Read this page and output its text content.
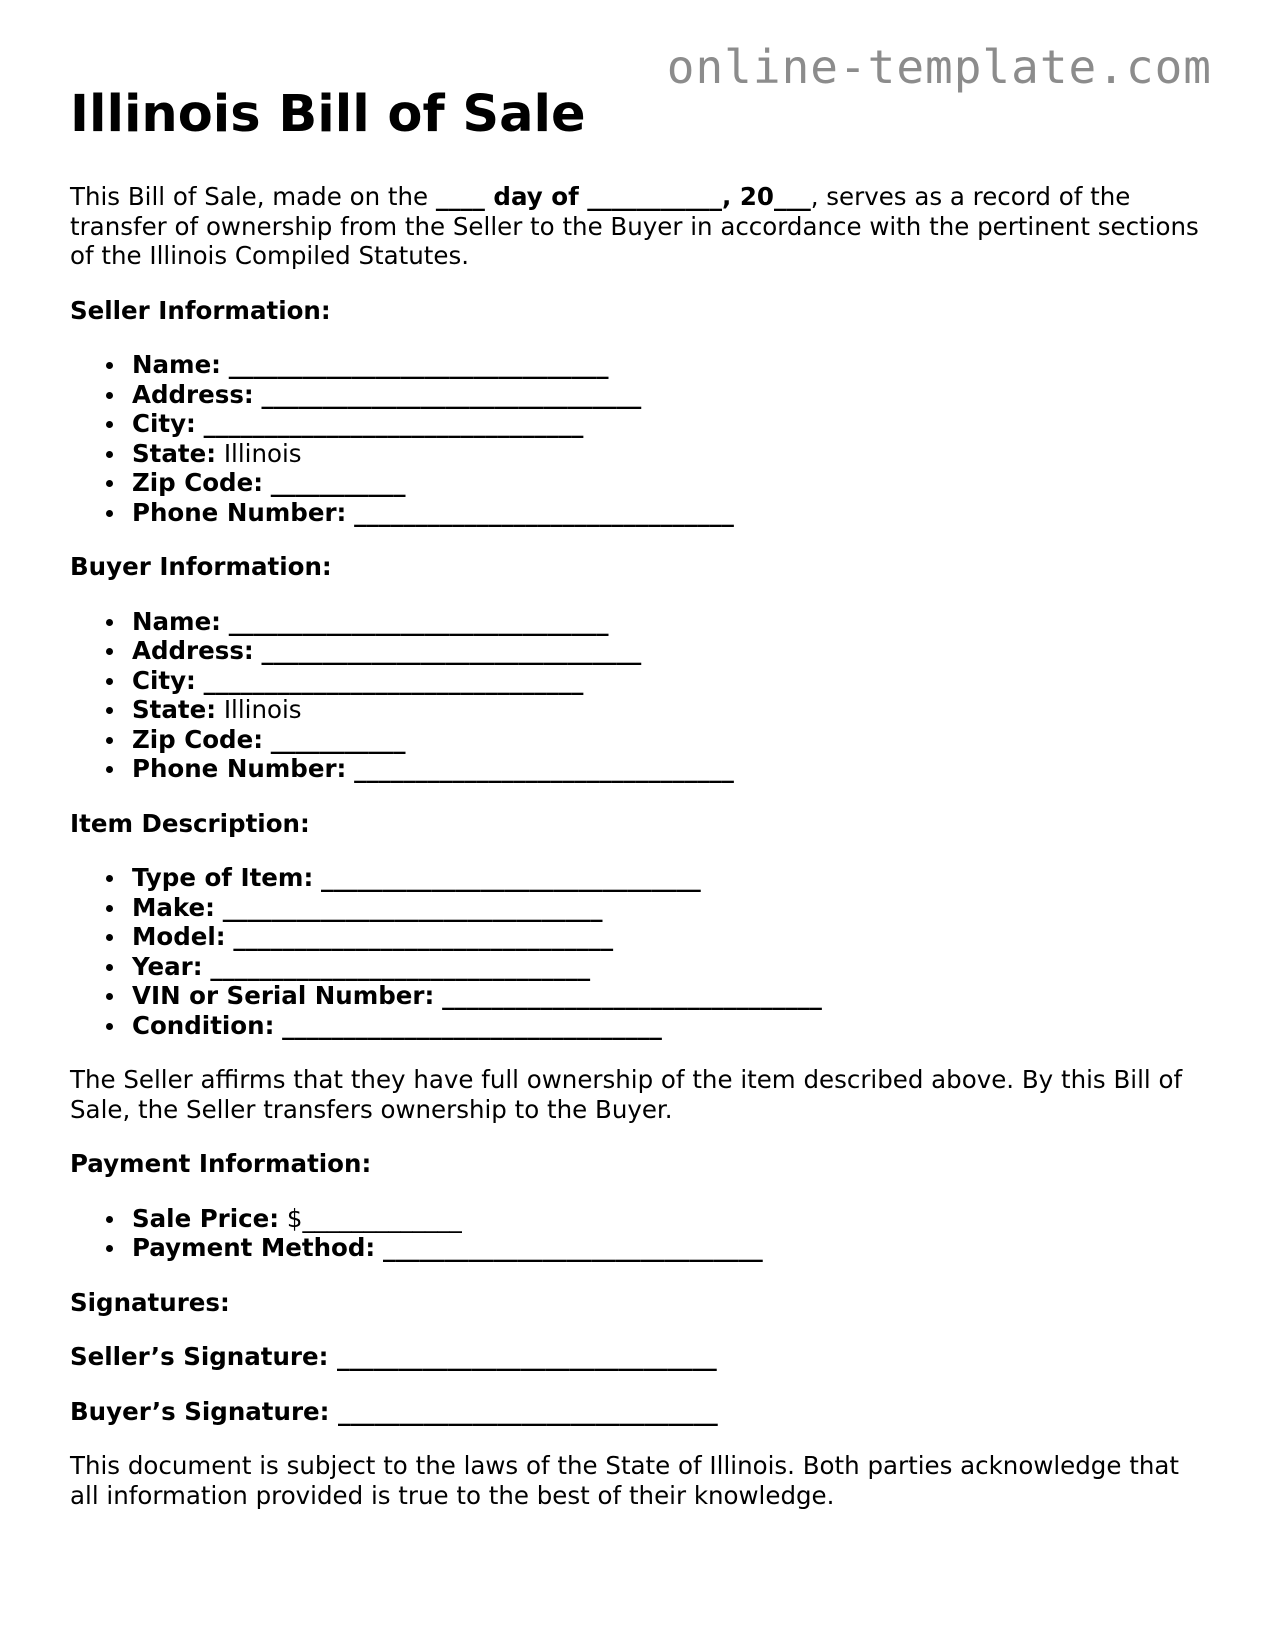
online-template.com
Illinois Bill of Sale

This Bill of Sale, made on the ____ day of ___________, 20___, serves as a record of the transfer of ownership from the Seller to the Buyer in accordance with the pertinent sections of the Illinois Compiled Statutes.

Seller Information:
Name: _______________________________
Address: _______________________________
City: _______________________________
State: Illinois
Zip Code: ___________
Phone Number: _______________________________
Buyer Information:
Name: _______________________________
Address: _______________________________
City: _______________________________
State: Illinois
Zip Code: ___________
Phone Number: _______________________________
Item Description:
Type of Item: _______________________________
Make: _______________________________
Model: _______________________________
Year: _______________________________
VIN or Serial Number: _______________________________
Condition: _______________________________

The Seller affirms that they have full ownership of the item described above. By this Bill of Sale, the Seller transfers ownership to the Buyer.

Payment Information:
Sale Price: $_____________
Payment Method: _______________________________
Signatures:
Seller’s Signature: _______________________________
Buyer’s Signature: _______________________________

This document is subject to the laws of the State of Illinois. Both parties acknowledge that all information provided is true to the best of their knowledge.
